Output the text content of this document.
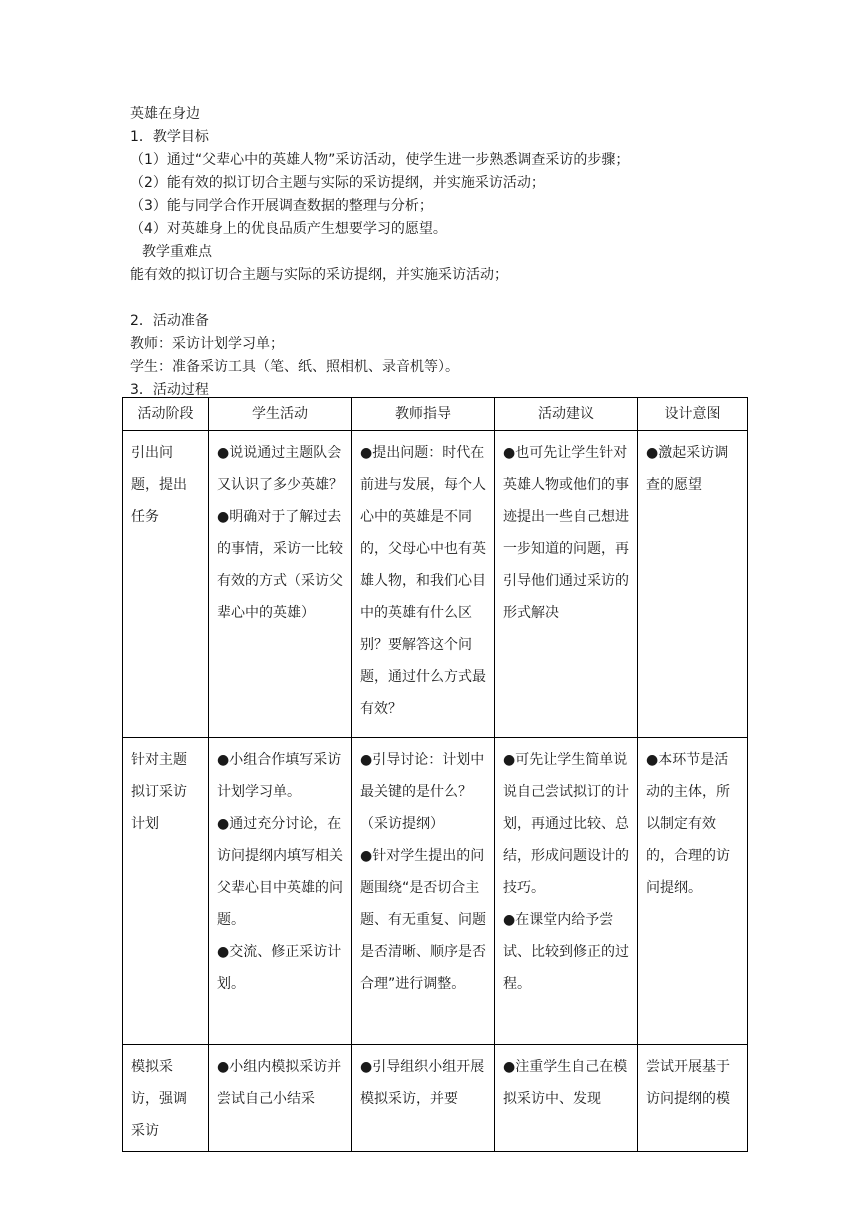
英雄在身边
1．教学目标
（1）通过“父辈心中的英雄人物”采访活动，使学生进一步熟悉调查采访的步骤；
（2）能有效的拟订切合主题与实际的采访提纲，并实施采访活动；
（3）能与同学合作开展调查数据的整理与分析；
（4）对英雄身上的优良品质产生想要学习的愿望。
教学重难点
能有效的拟订切合主题与实际的采访提纲，并实施采访活动；
2．活动准备
教师：采访计划学习单；
学生：准备采访工具（笔、纸、照相机、录音机等）。
3．活动过程
活动阶段	学生活动	教师指导	活动建议	设计意图
引出问题，提出任务	●说说通过主题队会又认识了多少英雄？
●明确对于了解过去的事情，采访一比较有效的方式（采访父辈心中的英雄）	●提出问题：时代在前进与发展，每个人心中的英雄是不同的，父母心中也有英雄人物，和我们心目中的英雄有什么区别？要解答这个问题，通过什么方式最有效？	●也可先让学生针对英雄人物或他们的事迹提出一些自己想进一步知道的问题，再引导他们通过采访的形式解决	●激起采访调查的愿望

针对主题拟订采访计划	●小组合作填写采访计划学习单。
●通过充分讨论，在访问提纲内填写相关父辈心目中英雄的问题。
●交流、修正采访计划。	●引导讨论：计划中最关键的是什么？（采访提纲）
●针对学生提出的问题围绕“是否切合主题、有无重复、问题是否清晰、顺序是否合理”进行调整。	●可先让学生简单说说自己尝试拟订的计划，再通过比较、总结，形成问题设计的技巧。
●在课堂内给予尝试、比较到修正的过程。	●本环节是活动的主体，所以制定有效的，合理的访问提纲。

模拟采访，强调采访	●小组内模拟采访并尝试自己小结采	●引导组织小组开展模拟采访，并要	●注重学生自己在模拟采访中、发现	尝试开展基于访问提纲的模
